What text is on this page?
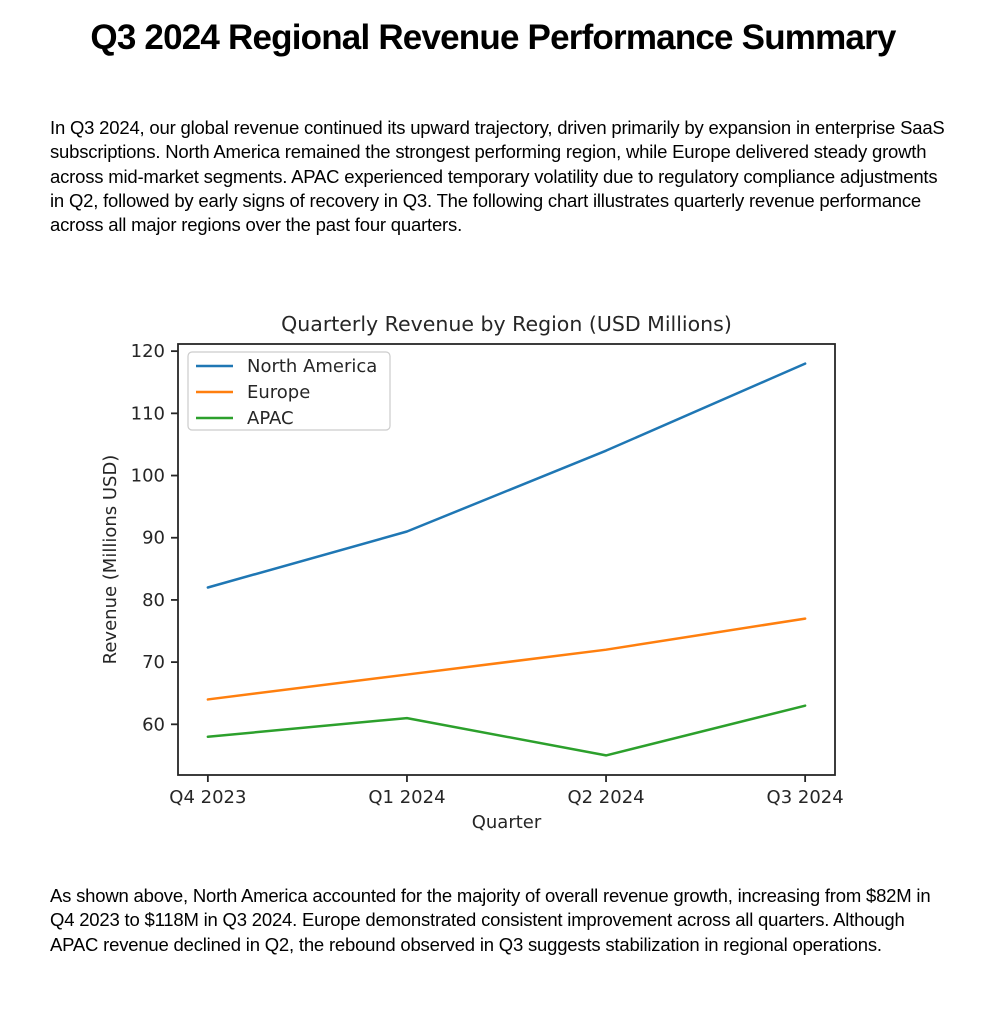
Q3 2024 Regional Revenue Performance Summary

In Q3 2024, our global revenue continued its upward trajectory, driven primarily by expansion in enterprise SaaS subscriptions. North America remained the strongest performing region, while Europe delivered steady growth across mid-market segments. APAC experienced temporary volatility due to regulatory compliance adjustments in Q2, followed by early signs of recovery in Q3. The following chart illustrates quarterly revenue performance across all major regions over the past four quarters.

Quarterly Revenue by Region (USD Millions)
60
70
80
90
100
110
120
Q4 2023	Q1 2024	Q2 2024	Q3 2024
Quarter
Revenue (Millions USD)
North America
Europe
APAC

As shown above, North America accounted for the majority of overall revenue growth, increasing from $82M in Q4 2023 to $118M in Q3 2024. Europe demonstrated consistent improvement across all quarters. Although APAC revenue declined in Q2, the rebound observed in Q3 suggests stabilization in regional operations.
